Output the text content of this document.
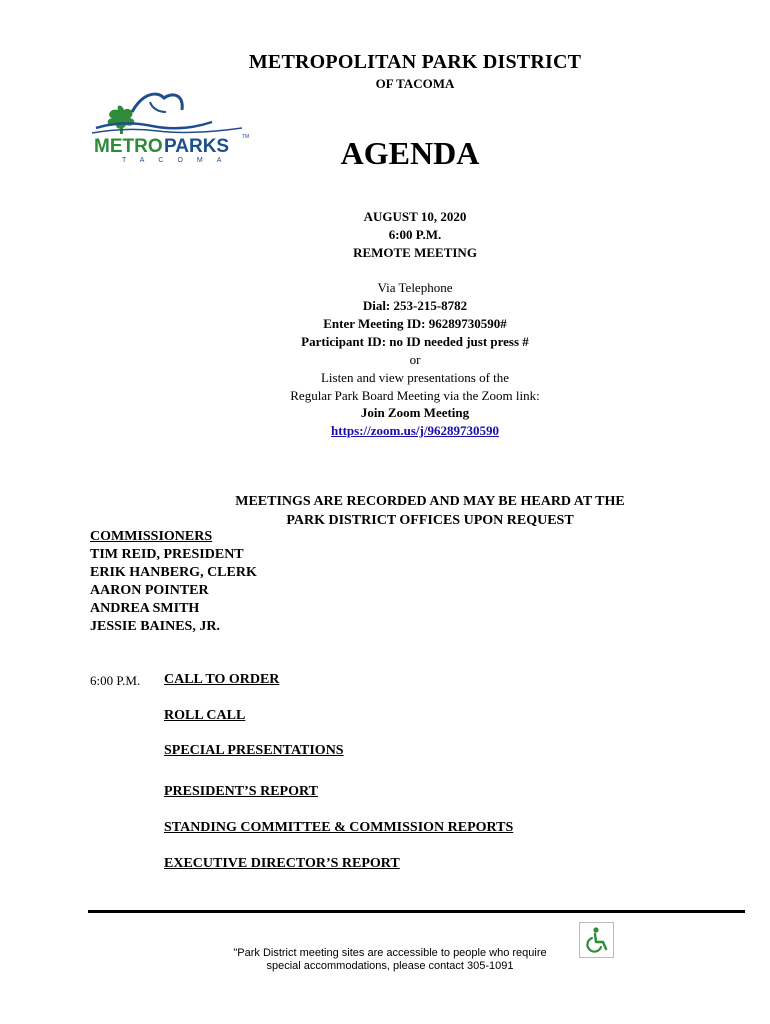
METROPOLITAN PARK DISTRICT
OF TACOMA
METRO PARKS	TM
TACOMA	AGENDA
AUGUST 10, 2020
6:00 P.M.
REMOTE MEETING
Via Telephone
Dial: 253-215-8782
Enter Meeting ID: 96289730590#
Participant ID: no ID needed just press #
or
Listen and view presentations of the
Regular Park Board Meeting via the Zoom link:
Join Zoom Meeting
https://zoom.us/j/96289730590
MEETINGS ARE RECORDED AND MAY BE HEARD AT THE
PARK DISTRICT OFFICES UPON REQUEST
COMMISSIONERS
TIM REID, PRESIDENT
ERIK HANBERG, CLERK
AARON POINTER
ANDREA SMITH
JESSIE BAINES, JR.
6:00 P.M. CALL TO ORDER
ROLL CALL
SPECIAL PRESENTATIONS
PRESIDENT’S REPORT
STANDING COMMITTEE & COMMISSION REPORTS
EXECUTIVE DIRECTOR’S REPORT
"Park District meeting sites are accessible to people who require
special accommodations, please contact 305-1091
